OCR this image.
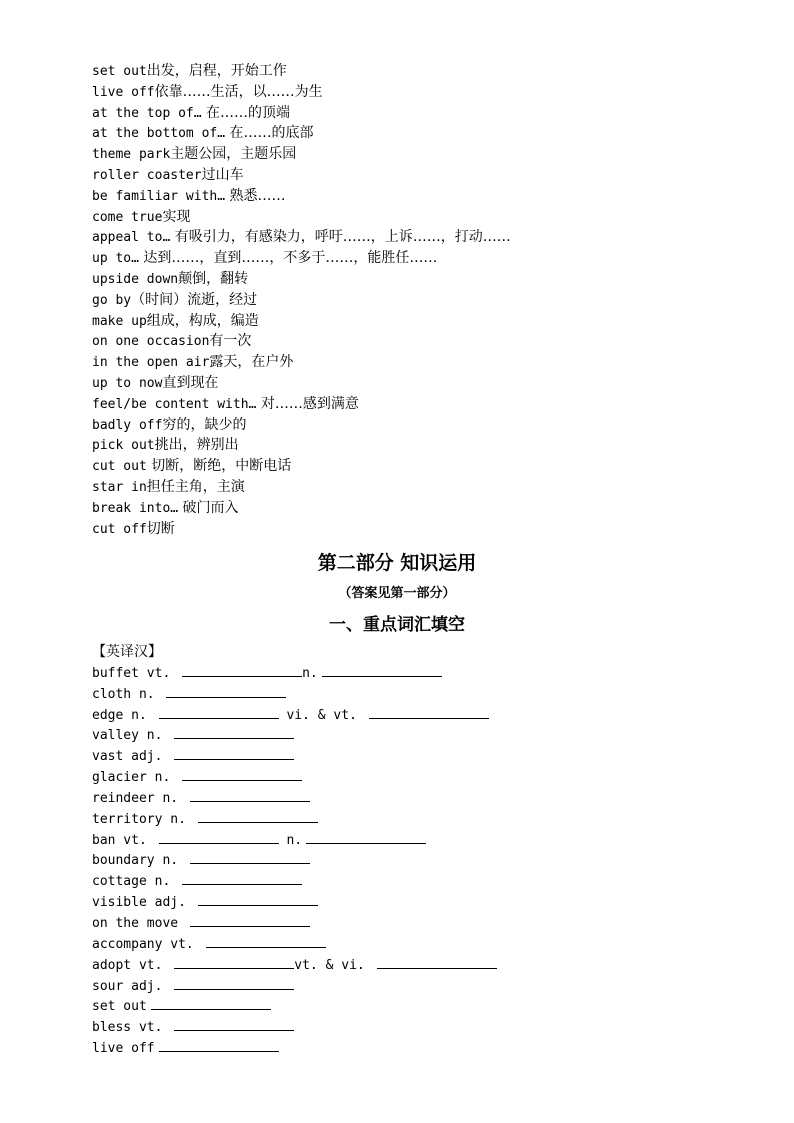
set out出发，启程，开始工作
live off依靠……生活，以……为生
at the top of… 在……的顶端
at the bottom of… 在……的底部
theme park主题公园，主题乐园
roller coaster过山车
be familiar with… 熟悉……
come true实现
appeal to… 有吸引力，有感染力，呼吁……，上诉……，打动……
up to… 达到……，直到……，不多于……，能胜任……
upside down颠倒，翻转
go by（时间）流逝，经过
make up组成，构成，编造
on one occasion有一次
in the open air露天，在户外
up to now直到现在
feel/be content with… 对……感到满意
badly off穷的，缺少的
pick out挑出，辨别出
cut out 切断，断绝，中断电话
star in担任主角，主演
break into… 破门而入
cut off切断
第二部分 知识运用
（答案见第一部分）
一、重点词汇填空
【英译汉】
buffet vt.	n.
cloth n.
edge n.	vi. & vt.
valley n.
vast adj.
glacier n.
reindeer n.
territory n.
ban vt.	n.
boundary n.
cottage n.
visible adj.
on the move
accompany vt.
adopt vt.	vt. & vi.
sour adj.
set out
bless vt.
live off
